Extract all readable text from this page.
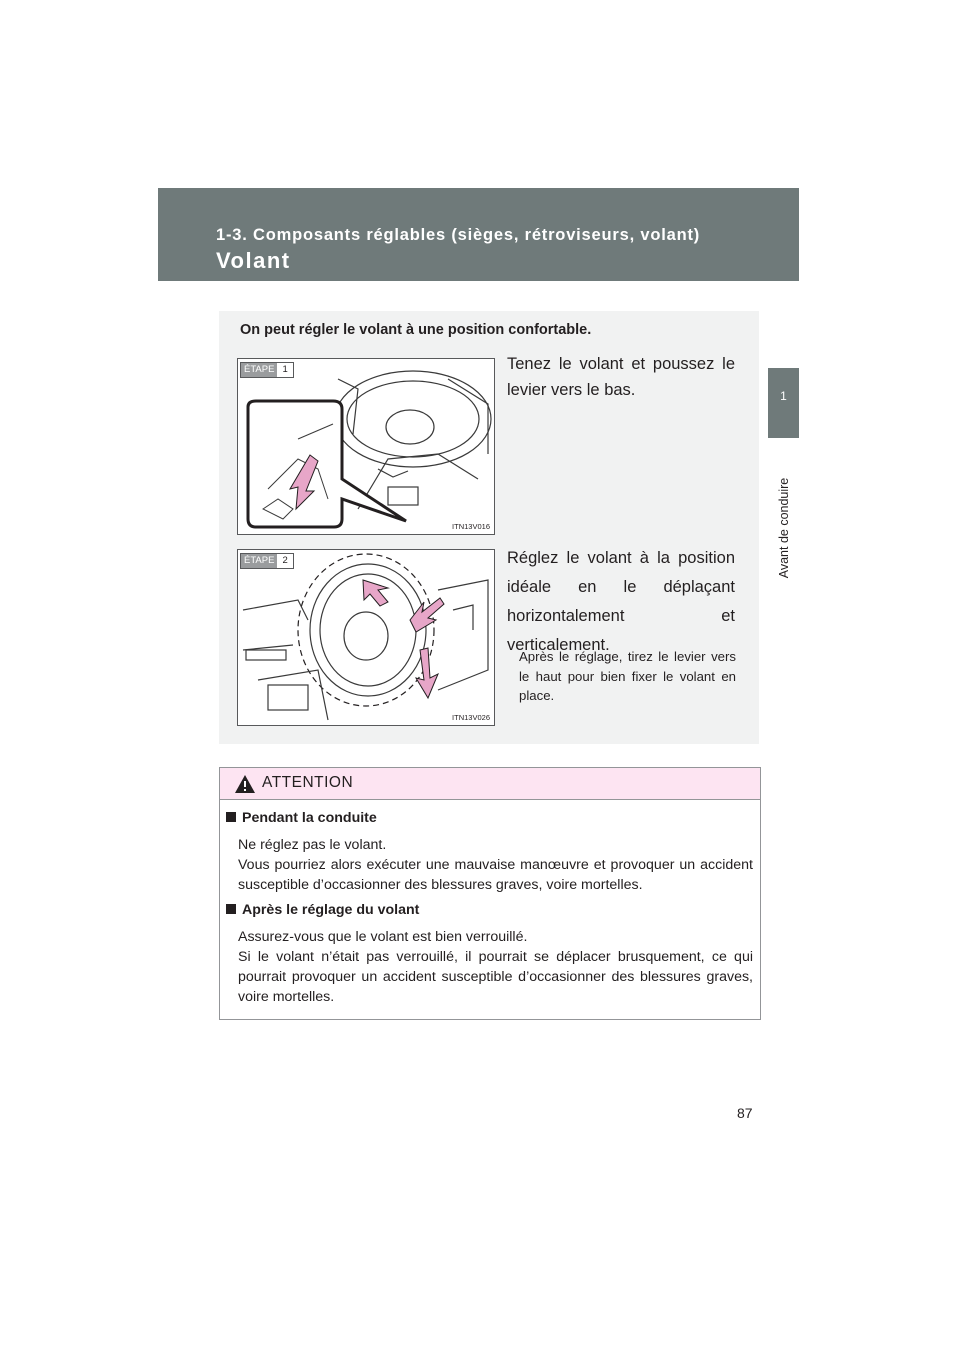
1-3. Composants réglables (sièges, rétroviseurs, volant)
Volant
1
Avant de conduire
On peut régler le volant à une position confortable.
ÉTAPE 1
ITN13V016
Tenez le volant et poussez le levier vers le bas.
ÉTAPE 2
ITN13V026
Réglez le volant à la position idéale en le déplaçant horizontalement et verticalement.
Après le réglage, tirez le levier vers le haut pour bien fixer le volant en place.
ATTENTION
Pendant la conduite
Ne réglez pas le volant.
Vous pourriez alors exécuter une mauvaise manœuvre et provoquer un accident susceptible d’occasionner des blessures graves, voire mortelles.
Après le réglage du volant
Assurez-vous que le volant est bien verrouillé.
Si le volant n’était pas verrouillé, il pourrait se déplacer brusquement, ce qui pourrait provoquer un accident susceptible d’occasionner des blessures graves, voire mortelles.
87
